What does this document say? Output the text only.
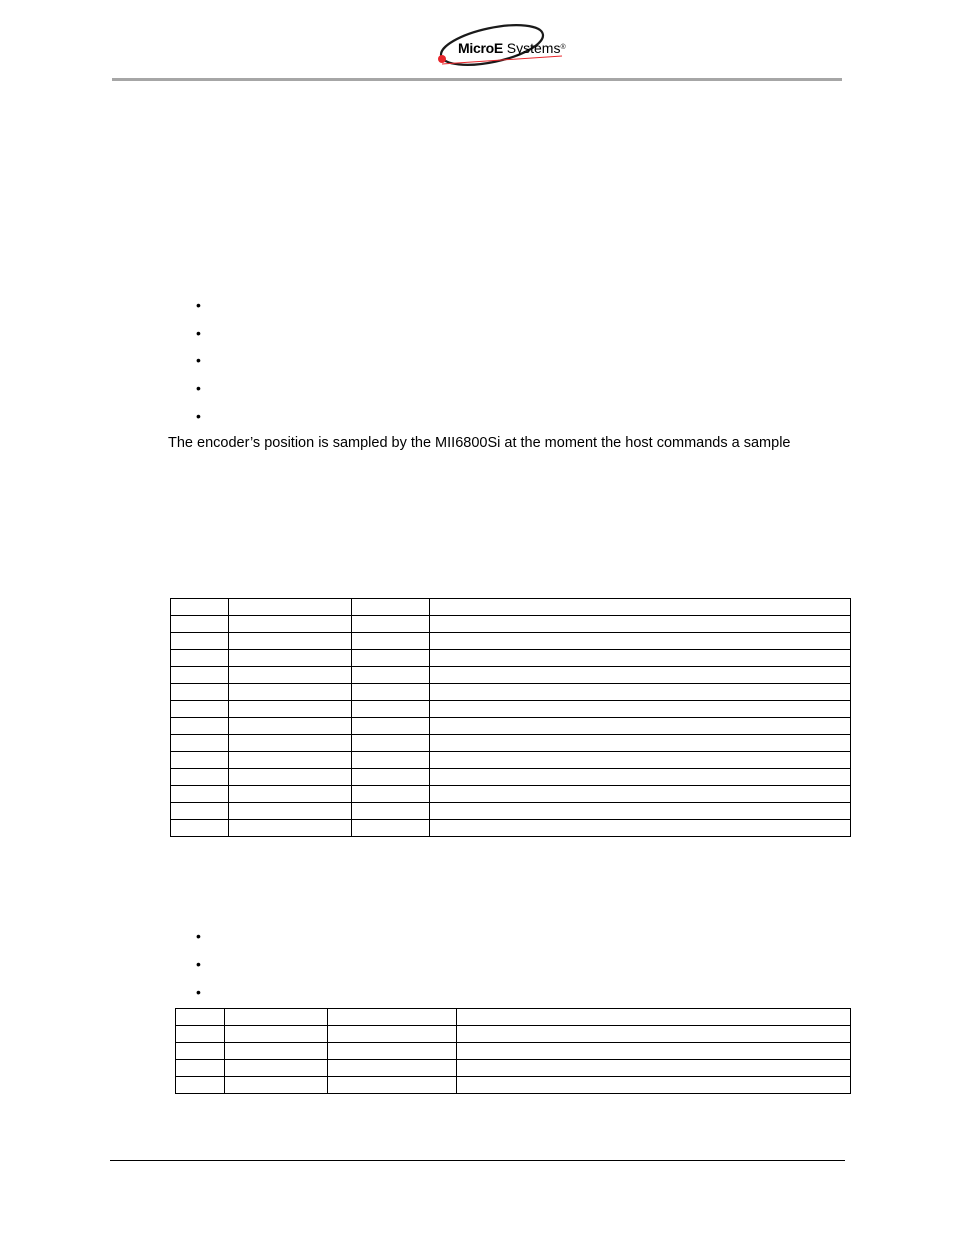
MicroE Systems®
•
•
•
•
•
The encoder’s position is sampled by the MII6800Si at the moment the host commands a sample

•
•
•
